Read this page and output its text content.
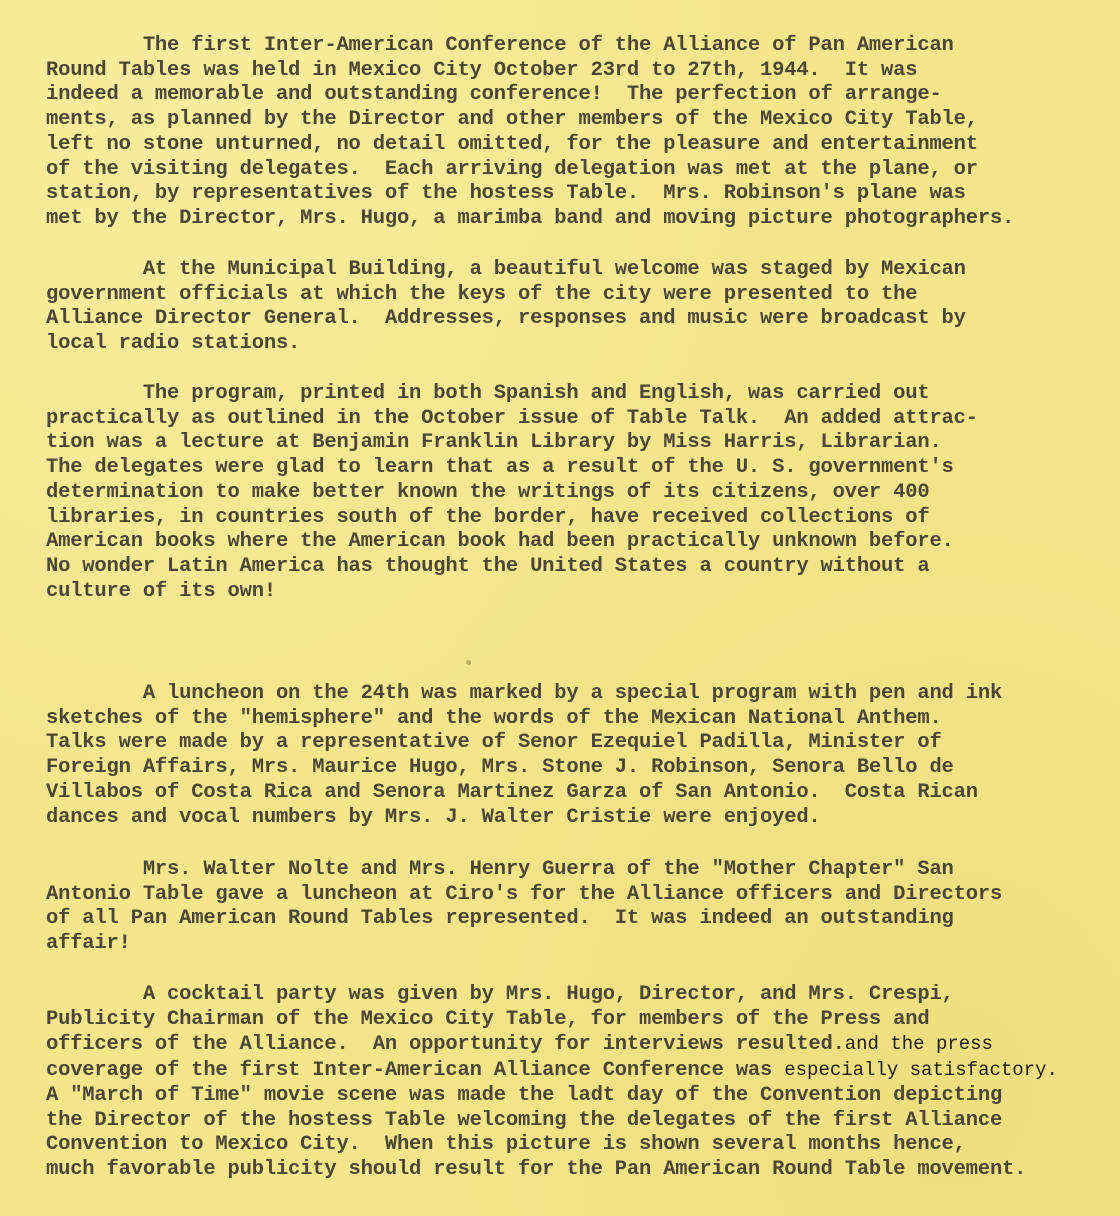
The first Inter-American Conference of the Alliance of Pan American
Round Tables was held in Mexico City October 23rd to 27th, 1944.  It was
indeed a memorable and outstanding conference!  The perfection of arrange-
ments, as planned by the Director and other members of the Mexico City Table,
left no stone unturned, no detail omitted, for the pleasure and entertainment
of the visiting delegates.  Each arriving delegation was met at the plane, or
station, by representatives of the hostess Table.  Mrs. Robinson's plane was
met by the Director, Mrs. Hugo, a marimba band and moving picture photographers.
At the Municipal Building, a beautiful welcome was staged by Mexican
government officials at which the keys of the city were presented to the
Alliance Director General.  Addresses, responses and music were broadcast by
local radio stations.
The program, printed in both Spanish and English, was carried out
practically as outlined in the October issue of Table Talk.  An added attrac-
tion was a lecture at Benjamin Franklin Library by Miss Harris, Librarian.
The delegates were glad to learn that as a result of the U. S. government's
determination to make better known the writings of its citizens, over 400
libraries, in countries south of the border, have received collections of
American books where the American book had been practically unknown before.
No wonder Latin America has thought the United States a country without a
culture of its own!
A luncheon on the 24th was marked by a special program with pen and ink
sketches of the "hemisphere" and the words of the Mexican National Anthem.
Talks were made by a representative of Senor Ezequiel Padilla, Minister of
Foreign Affairs, Mrs. Maurice Hugo, Mrs. Stone J. Robinson, Senora Bello de
Villabos of Costa Rica and Senora Martinez Garza of San Antonio.  Costa Rican
dances and vocal numbers by Mrs. J. Walter Cristie were enjoyed.
Mrs. Walter Nolte and Mrs. Henry Guerra of the "Mother Chapter" San
Antonio Table gave a luncheon at Ciro's for the Alliance officers and Directors
of all Pan American Round Tables represented.  It was indeed an outstanding
affair!
A cocktail party was given by Mrs. Hugo, Director, and Mrs. Crespi,
Publicity Chairman of the Mexico City Table, for members of the Press and
officers of the Alliance.  An opportunity for interviews resulted.and the press
coverage of the first Inter-American Alliance Conference was especially satisfactory.
A "March of Time" movie scene was made the ladt day of the Convention depicting
the Director of the hostess Table welcoming the delegates of the first Alliance
Convention to Mexico City.  When this picture is shown several months hence,
much favorable publicity should result for the Pan American Round Table movement.
